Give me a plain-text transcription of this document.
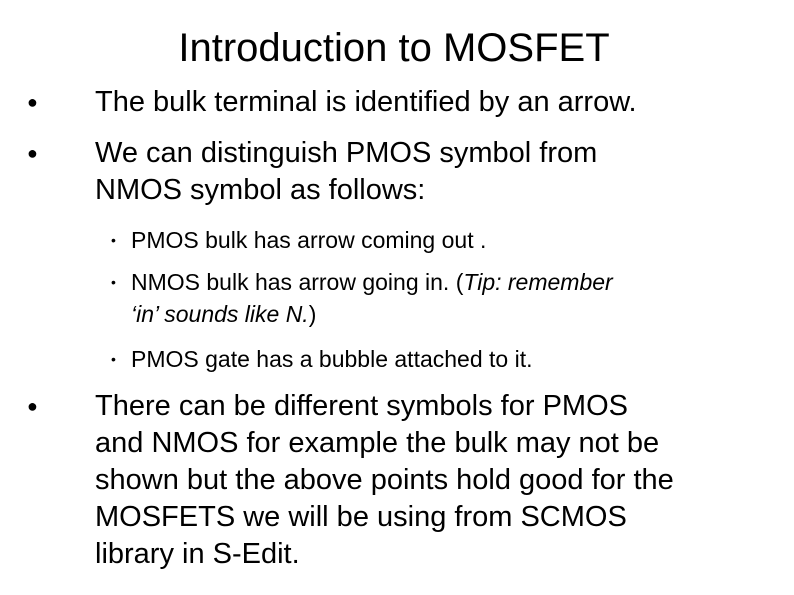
Introduction to MOSFET
● The bulk terminal is identified by an arrow.
● We can distinguish PMOS symbol from
NMOS symbol as follows:
• PMOS bulk has arrow coming out .
• NMOS bulk has arrow going in. (Tip: remember
‘in’ sounds like N.)
• PMOS gate has a bubble attached to it.
● There can be different symbols for PMOS
and NMOS for example the bulk may not be
shown but the above points hold good for the
MOSFETS we will be using from SCMOS
library in S-Edit.
